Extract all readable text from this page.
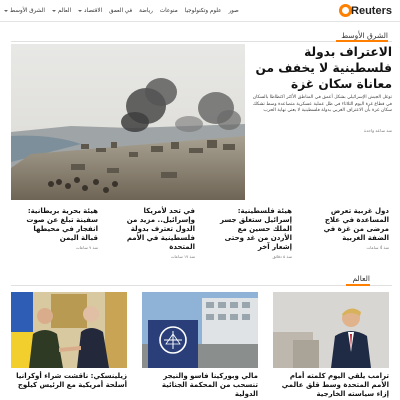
Reuters
الشرق الأوسط	العالم	الاقتصاد في العمق رياضة منوعات علوم وتكنولوجيا صور
الشرق الأوسط
الاعتراف بدولة فلسطينية لا يخفف من معاناة سكان غزة
توغل الجيش الإسرائيلي بشكل أعمق في المناطق الأكثر اكتظاظا بالسكان في قطاع غزة اليوم الثلاثاء في ظل عملية عسكرية متصاعدة وسط تشكك سكان غزة بأن الاعتراف الغربي بدولة فلسطينية لا يعني نهاية الحرب
منذ ساعة واحدة
دول غربية تعرض المساعدة في علاج مرضى من غزة في الضفة الغربية
منذ 4 ساعات
هيئة فلسطينية: إسرائيل ستغلق جسر الملك حسين مع الأردن من غد وحتى إشعار آخر
منذ ٥ دقائق
في تحد لأمريكا وإسرائيل.. مزيد من الدول تعترف بدولة فلسطينية في الأمم المتحدة
منذ ١٧ ساعات
هيئة بحرية بريطانية: سفينة تبلغ عن صوت انفجار في محيطها قبالة اليمن
منذ ٧ ساعات
العالم
ترامب يلقي اليوم كلمته أمام الأمم المتحدة وسط قلق عالمي إزاء سياسته الخارجية
مالي وبوركينا فاسو والنيجر تنسحب من المحكمة الجنائية الدولية
زيلينسكي: ناقشت شراء أوكرانيا أسلحة أمريكية مع الرئيس كيلوج
